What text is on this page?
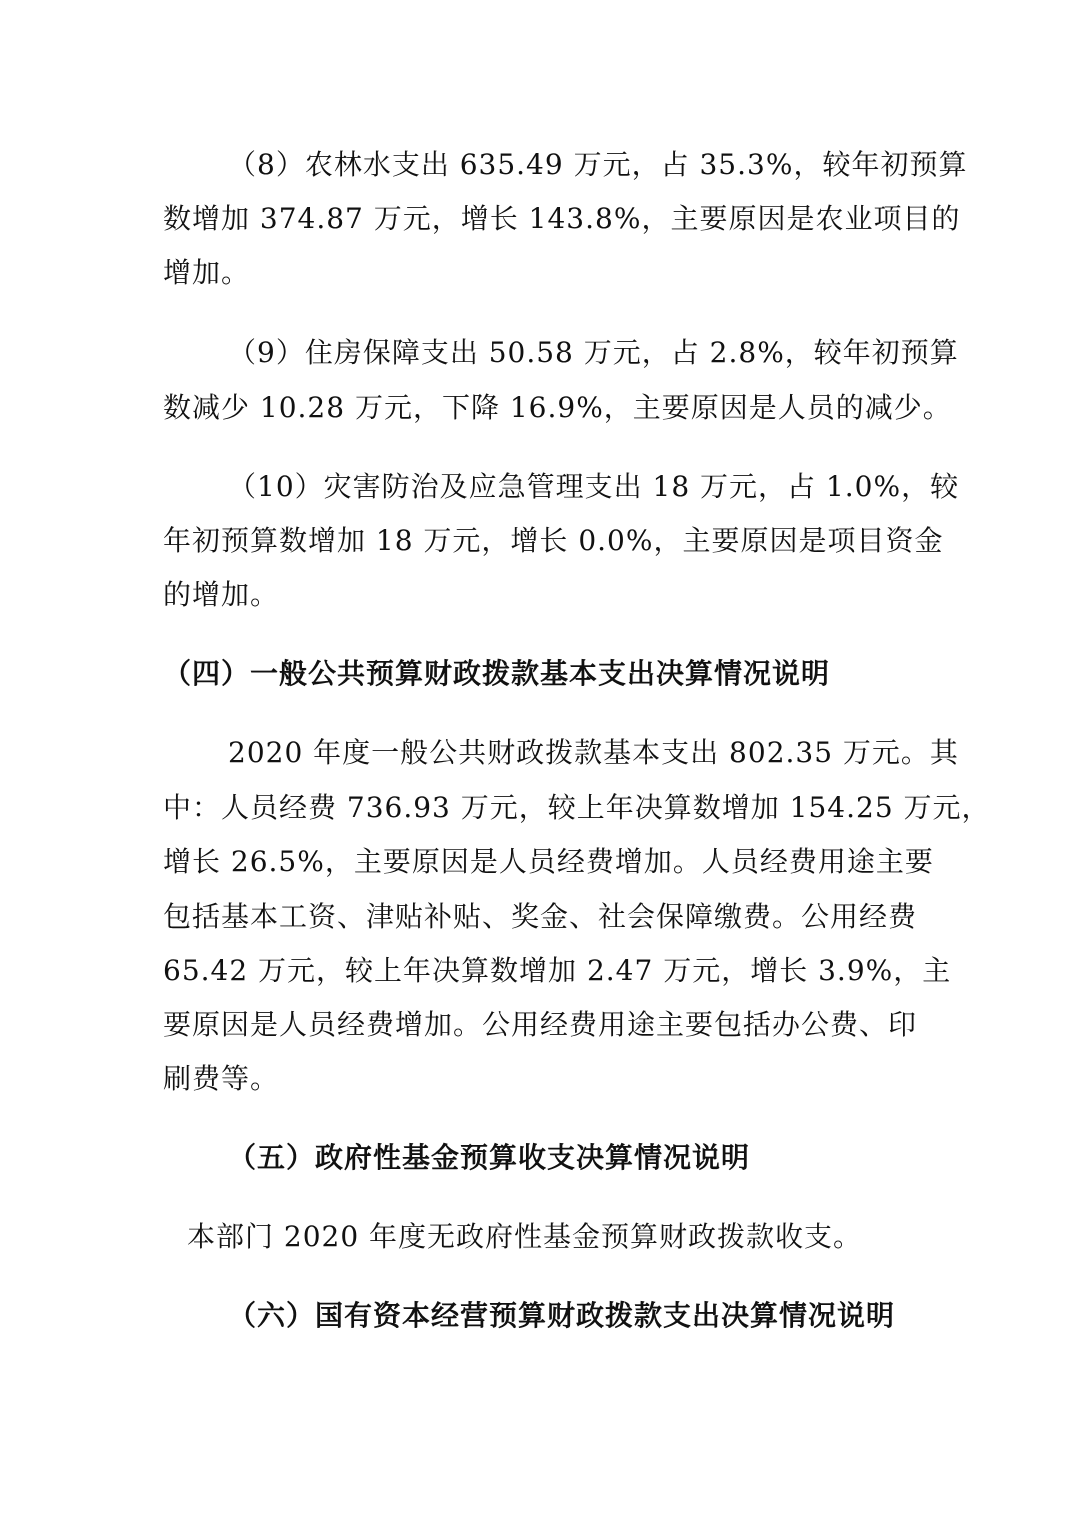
（8）农林水支出 635.49 万元，占 35.3%，较年初预算
数增加 374.87 万元，增长 143.8%，主要原因是农业项目的
增加。
（9）住房保障支出 50.58 万元，占 2.8%，较年初预算
数减少 10.28 万元，下降 16.9%，主要原因是人员的减少。
（10）灾害防治及应急管理支出 18 万元，占 1.0%，较
年初预算数增加 18 万元，增长 0.0%，主要原因是项目资金
的增加。
（四）一般公共预算财政拨款基本支出决算情况说明
2020 年度一般公共财政拨款基本支出 802.35 万元。其
中：人员经费 736.93 万元，较上年决算数增加 154.25 万元，
增长 26.5%，主要原因是人员经费增加。人员经费用途主要
包括基本工资、津贴补贴、奖金、社会保障缴费。公用经费
65.42 万元，较上年决算数增加 2.47 万元，增长 3.9%，主
要原因是人员经费增加。公用经费用途主要包括办公费、印
刷费等。
（五）政府性基金预算收支决算情况说明
本部门 2020 年度无政府性基金预算财政拨款收支。
（六）国有资本经营预算财政拨款支出决算情况说明
